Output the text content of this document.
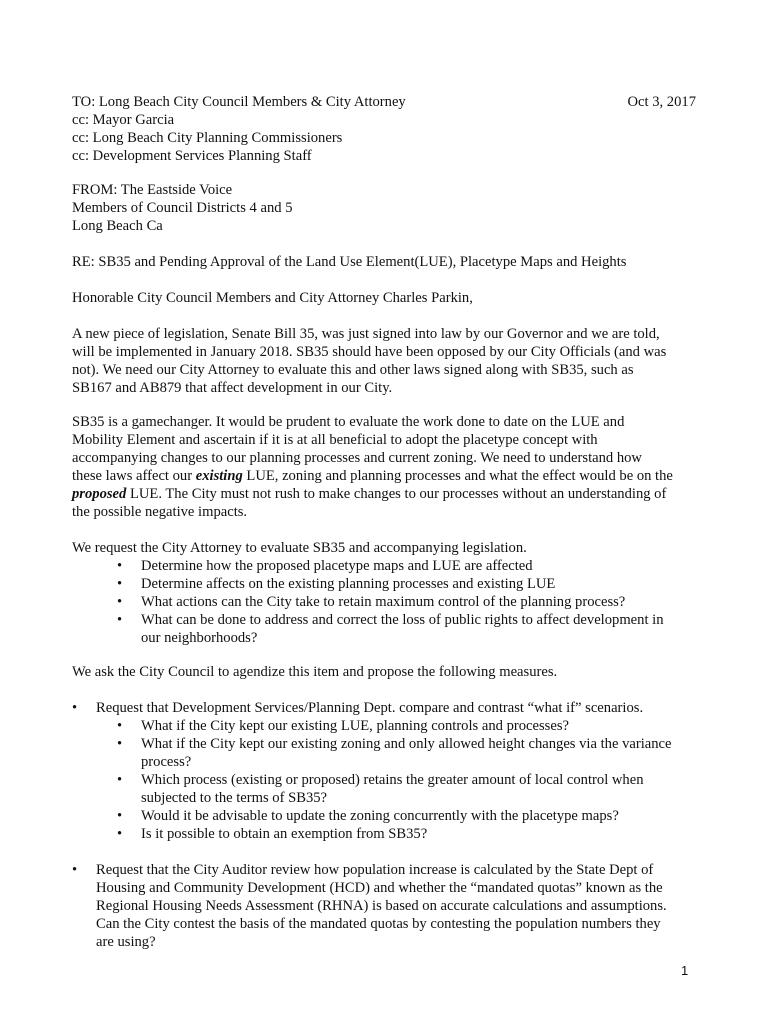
TO: Long Beach City Council Members & City Attorney	Oct 3, 2017
cc: Mayor Garcia
cc: Long Beach City Planning Commissioners
cc: Development Services Planning Staff
FROM: The Eastside Voice
Members of Council Districts 4 and 5
Long Beach Ca
RE: SB35 and Pending Approval of the Land Use Element(LUE), Placetype Maps and Heights
Honorable City Council Members and City Attorney Charles Parkin,
A new piece of legislation, Senate Bill 35, was just signed into law by our Governor and we are told,
will be implemented in January 2018. SB35 should have been opposed by our City Officials (and was
not). We need our City Attorney to evaluate this and other laws signed along with SB35, such as
SB167 and AB879 that affect development in our City.
SB35 is a gamechanger. It would be prudent to evaluate the work done to date on the LUE and
Mobility Element and ascertain if it is at all beneficial to adopt the placetype concept with
accompanying changes to our planning processes and current zoning. We need to understand how
these laws affect our existing LUE, zoning and planning processes and what the effect would be on the
proposed LUE. The City must not rush to make changes to our processes without an understanding of
the possible negative impacts.
We request the City Attorney to evaluate SB35 and accompanying legislation.
• Determine how the proposed placetype maps and LUE are affected
• Determine affects on the existing planning processes and existing LUE
• What actions can the City take to retain maximum control of the planning process?
• What can be done to address and correct the loss of public rights to affect development in
our neighborhoods?
We ask the City Council to agendize this item and propose the following measures.
• Request that Development Services/Planning Dept. compare and contrast “what if” scenarios.
• What if the City kept our existing LUE, planning controls and processes?
• What if the City kept our existing zoning and only allowed height changes via the variance
process?
• Which process (existing or proposed) retains the greater amount of local control when
subjected to the terms of SB35?
• Would it be advisable to update the zoning concurrently with the placetype maps?
• Is it possible to obtain an exemption from SB35?
• Request that the City Auditor review how population increase is calculated by the State Dept of
Housing and Community Development (HCD) and whether the “mandated quotas” known as the
Regional Housing Needs Assessment (RHNA) is based on accurate calculations and assumptions.
Can the City contest the basis of the mandated quotas by contesting the population numbers they
are using?
1
